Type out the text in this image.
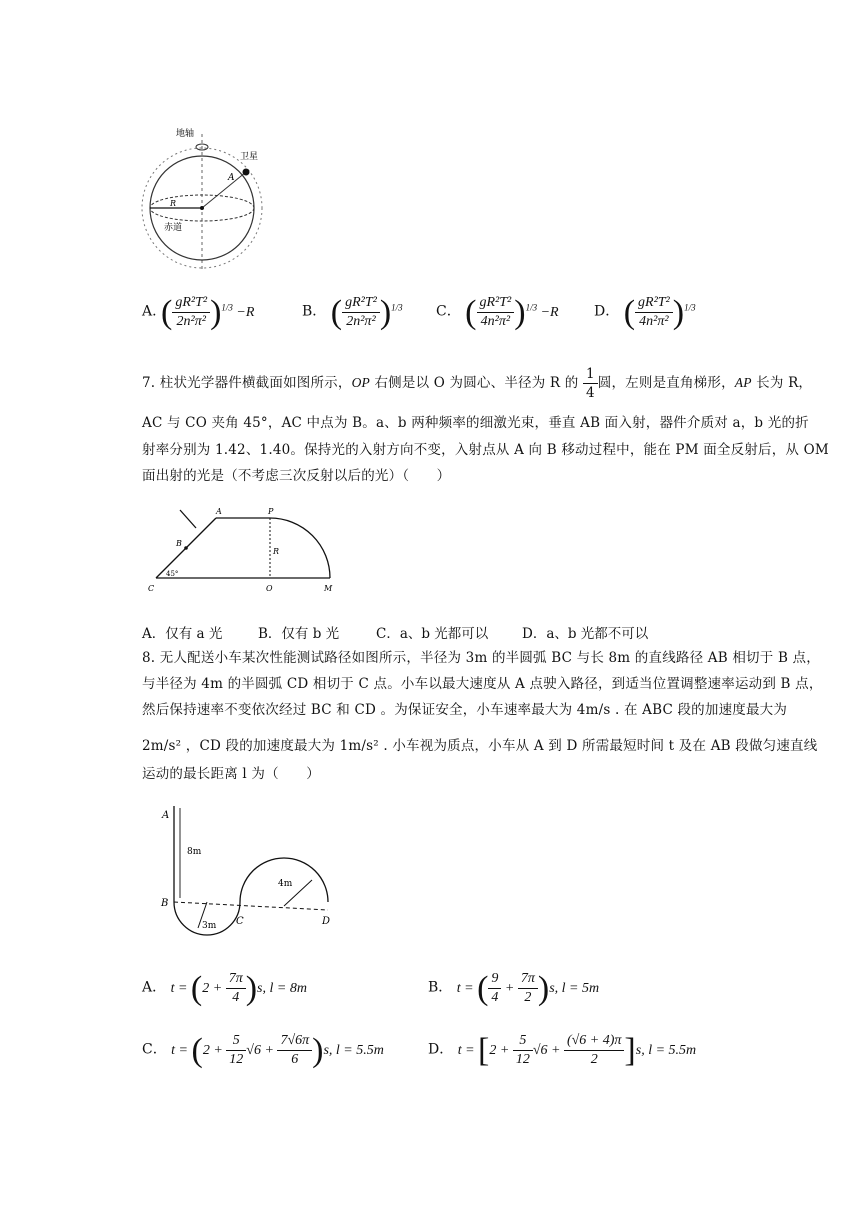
地轴
卫星
A
R
赤道
A. ( $\frac{\text{gR²T²}}{\text{2n²π²}} )^{1/3} -R$	B． ( $\frac{\text{gR²T²}}{\text{2n²π²}} )^{1/3}$ C． ( $\frac{\text{gR²T²}}{\text{4n²π²}} )^{1/3} -R$	D． ( $\frac{\text{gR²T²}}{\text{4n²π²}} )^{1/3}$
7. 柱状光学器件横截面如图所示，OP 右侧是以 O 为圆心、半径为 R 的 $\frac{1}{4}$ 圆，左则是直角梯形，AP 长为 R，
AC 与 CO 夹角 45°，AC 中点为 B。a、b 两种频率的细激光束，垂直 AB 面入射，器件介质对 a，b 光的折
射率分别为 1.42、1.40。保持光的入射方向不变，入射点从 A 向 B 移动过程中，能在 PM 面全反射后，从 OM
面出射的光是（不考虑三次反射以后的光）（　　）
A	P
B
R
45°
C	O	M
A．仅有 a 光	B．仅有 b 光	C．a、b 光都可以 D．a、b 光都不可以
8. 无人配送小车某次性能测试路径如图所示，半径为 3m 的半圆弧 BC 与长 8m 的直线路径 AB 相切于 B 点，
与半径为 4m 的半圆弧 CD 相切于 C 点。小车以最大速度从 A 点驶入路径，到适当位置调整速率运动到 B 点，
然后保持速率不变依次经过 BC 和 CD 。为保证安全，小车速率最大为 4m/s . 在 ABC 段的加速度最大为
2m/s² ，CD 段的加速度最大为 1m/s² . 小车视为质点，小车从 A 到 D 所需最短时间 t 及在 AB 段做匀速直线
运动的最长距离 l 为（　　）
A
8m
B
3m C
4m
D
A． $t = (2 + \frac{7\pi}{4} )s$, l = 8m	B． t = ( $\frac{9}{4} + \frac{7\pi}{2} )s$, l = 5m
C． $t = (2 + \frac{5}{12} √6 + \frac{7√6\pi}{6} )s$, l = 5.5m	D． $t = [2 + \frac{5}{12} √6 + \frac{(√6 + 4)\pi}{2} ]s$, l = 5.5m
